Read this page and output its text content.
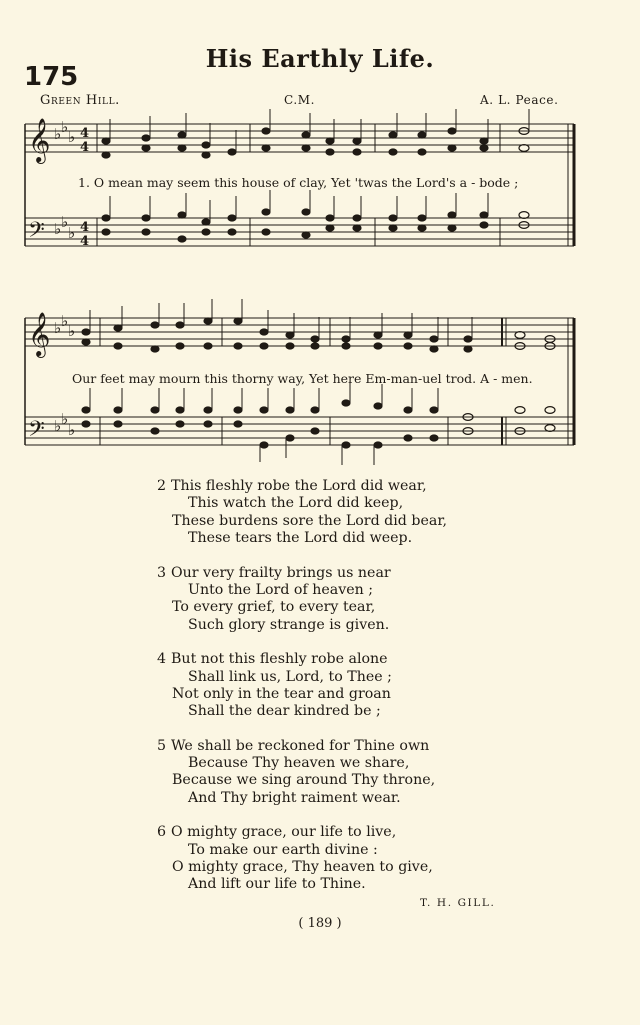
His Earthly Life.
175
Green Hill.	C.M.	A. L. Peace.
𝄞
𝄢
𝄞
𝄢
♭ ♭
♭
♭ ♭
♭
♭ ♭
♭
♭ ♭
♭
4
4
4
4
1. O mean may seem this house of clay, Yet 'twas the Lord's a - bode ;
Our feet may mourn this thorny way, Yet here Em-man-uel trod. A - men.
2 This fleshly robe the Lord did wear,
This watch the Lord did keep,
These burdens sore the Lord did bear,
These tears the Lord did weep.
3 Our very frailty brings us near
Unto the Lord of heaven ;
To every grief, to every tear,
Such glory strange is given.
4 But not this fleshly robe alone
Shall link us, Lord, to Thee ;
Not only in the tear and groan
Shall the dear kindred be ;
5 We shall be reckoned for Thine own
Because Thy heaven we share,
Because we sing around Thy throne,
And Thy bright raiment wear.
6 O mighty grace, our life to live,
To make our earth divine :
O mighty grace, Thy heaven to give,
And lift our life to Thine.
T. H. GILL.
( 189 )
